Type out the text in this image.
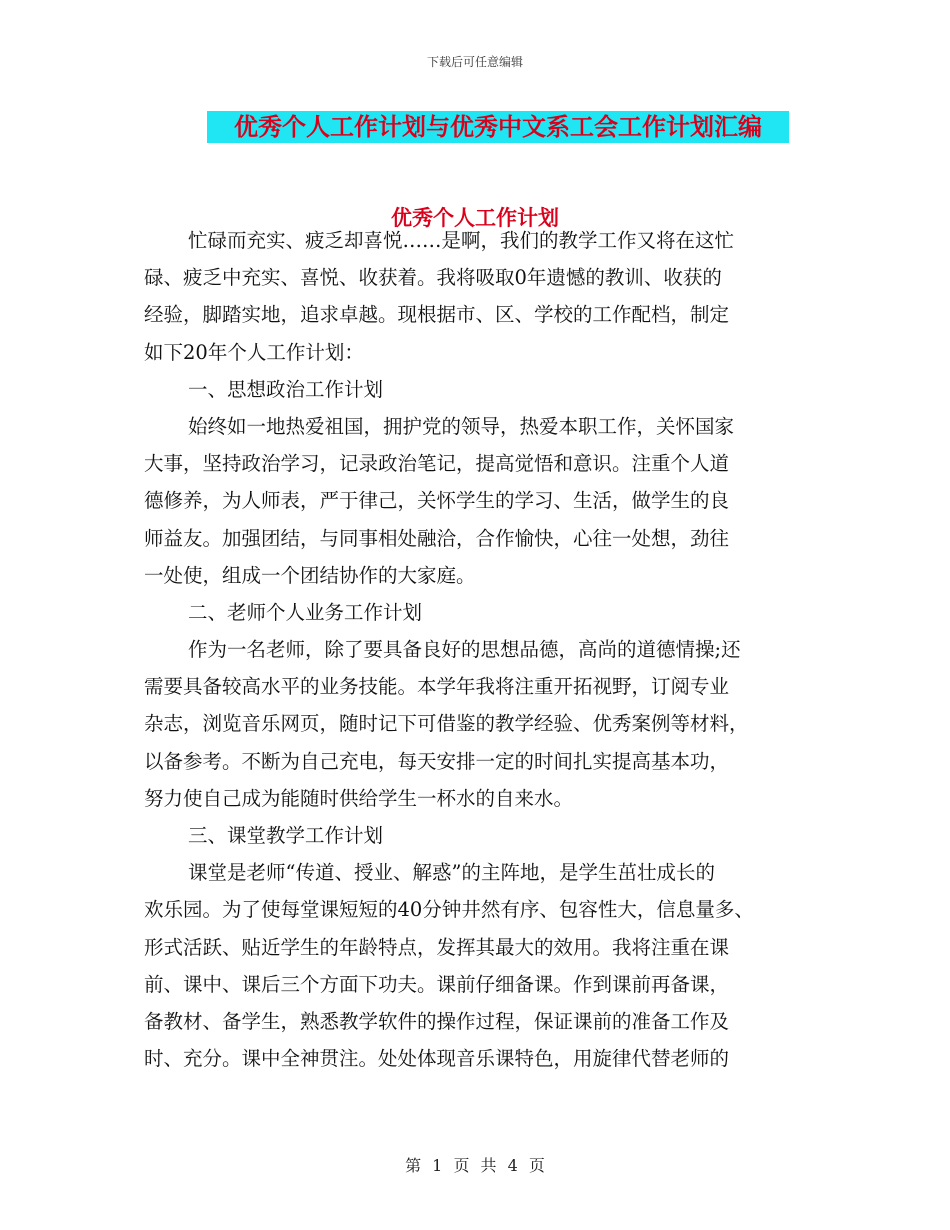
下载后可任意编辑
优秀个人工作计划与优秀中文系工会工作计划汇编
优秀个人工作计划
忙碌而充实、疲乏却喜悦……是啊，我们的教学工作又将在这忙
碌、疲乏中充实、喜悦、收获着。我将吸取0年遗憾的教训、收获的
经验，脚踏实地，追求卓越。现根据市、区、学校的工作配档，制定
如下20年个人工作计划：
一、思想政治工作计划
始终如一地热爱祖国，拥护党的领导，热爱本职工作，关怀国家
大事，坚持政治学习，记录政治笔记，提高觉悟和意识。注重个人道
德修养，为人师表，严于律己，关怀学生的学习、生活，做学生的良
师益友。加强团结，与同事相处融洽，合作愉快，心往一处想，劲往
一处使，组成一个团结协作的大家庭。
二、老师个人业务工作计划
作为一名老师，除了要具备良好的思想品德，高尚的道德情操;还
需要具备较高水平的业务技能。本学年我将注重开拓视野，订阅专业
杂志，浏览音乐网页，随时记下可借鉴的教学经验、优秀案例等材料，
以备参考。不断为自己充电，每天安排一定的时间扎实提高基本功，
努力使自己成为能随时供给学生一杯水的自来水。
三、课堂教学工作计划
课堂是老师“传道、授业、解惑”的主阵地，是学生茁壮成长的
欢乐园。为了使每堂课短短的40分钟井然有序、包容性大，信息量多、
形式活跃、贴近学生的年龄特点，发挥其最大的效用。我将注重在课
前、课中、课后三个方面下功夫。课前仔细备课。作到课前再备课，
备教材、备学生，熟悉教学软件的操作过程，保证课前的准备工作及
时、充分。课中全神贯注。处处体现音乐课特色，用旋律代替老师的
第 1 页 共 4 页
